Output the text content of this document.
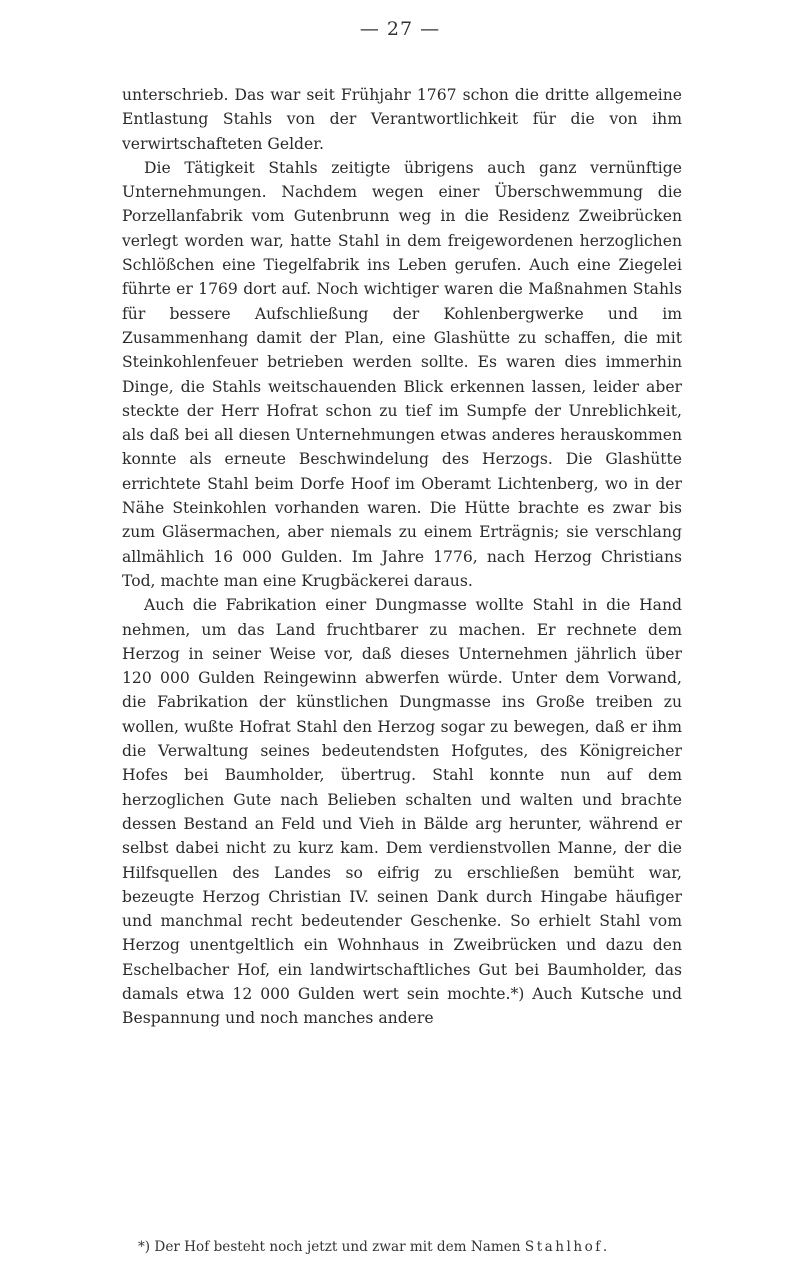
— 27 —

unterschrieb. Das war seit Frühjahr 1767 schon die dritte allgemeine Entlastung Stahls von der Verantwortlichkeit für die von ihm verwirtschafteten Gelder.

Die Tätigkeit Stahls zeitigte übrigens auch ganz vernünftige Unternehmungen. Nachdem wegen einer Überschwemmung die Porzellanfabrik vom Gutenbrunn weg in die Residenz Zweibrücken verlegt worden war, hatte Stahl in dem freigewordenen herzoglichen Schlößchen eine Tiegelfabrik ins Leben gerufen. Auch eine Ziegelei führte er 1769 dort auf. Noch wichtiger waren die Maßnahmen Stahls für bessere Aufschließung der Kohlenbergwerke und im Zusammenhang damit der Plan, eine Glashütte zu schaffen, die mit Steinkohlenfeuer betrieben werden sollte. Es waren dies immerhin Dinge, die Stahls weitschauenden Blick erkennen lassen, leider aber steckte der Herr Hofrat schon zu tief im Sumpfe der Unreblichkeit, als daß bei all diesen Unternehmungen etwas anderes herauskommen konnte als erneute Beschwindelung des Herzogs. Die Glashütte errichtete Stahl beim Dorfe Hoof im Oberamt Lichtenberg, wo in der Nähe Steinkohlen vorhanden waren. Die Hütte brachte es zwar bis zum Gläsermachen, aber niemals zu einem Erträgnis; sie verschlang allmählich 16 000 Gulden. Im Jahre 1776, nach Herzog Christians Tod, machte man eine Krugbäckerei daraus.

Auch die Fabrikation einer Dungmasse wollte Stahl in die Hand nehmen, um das Land fruchtbarer zu machen. Er rechnete dem Herzog in seiner Weise vor, daß dieses Unternehmen jährlich über 120 000 Gulden Reingewinn abwerfen würde. Unter dem Vorwand, die Fabrikation der künstlichen Dungmasse ins Große treiben zu wollen, wußte Hofrat Stahl den Herzog sogar zu bewegen, daß er ihm die Verwaltung seines bedeutendsten Hofgutes, des Königreicher Hofes bei Baumholder, übertrug. Stahl konnte nun auf dem herzoglichen Gute nach Belieben schalten und walten und brachte dessen Bestand an Feld und Vieh in Bälde arg herunter, während er selbst dabei nicht zu kurz kam. Dem verdienstvollen Manne, der die Hilfsquellen des Landes so eifrig zu erschließen bemüht war, bezeugte Herzog Christian IV. seinen Dank durch Hingabe häufiger und manchmal recht bedeutender Geschenke. So erhielt Stahl vom Herzog unentgeltlich ein Wohnhaus in Zweibrücken und dazu den Eschelbacher Hof, ein landwirtschaftliches Gut bei Baumholder, das damals etwa 12 000 Gulden wert sein mochte.*) Auch Kutsche und Bespannung und noch manches andere

*) Der Hof besteht noch jetzt und zwar mit dem Namen Stahlhof.
